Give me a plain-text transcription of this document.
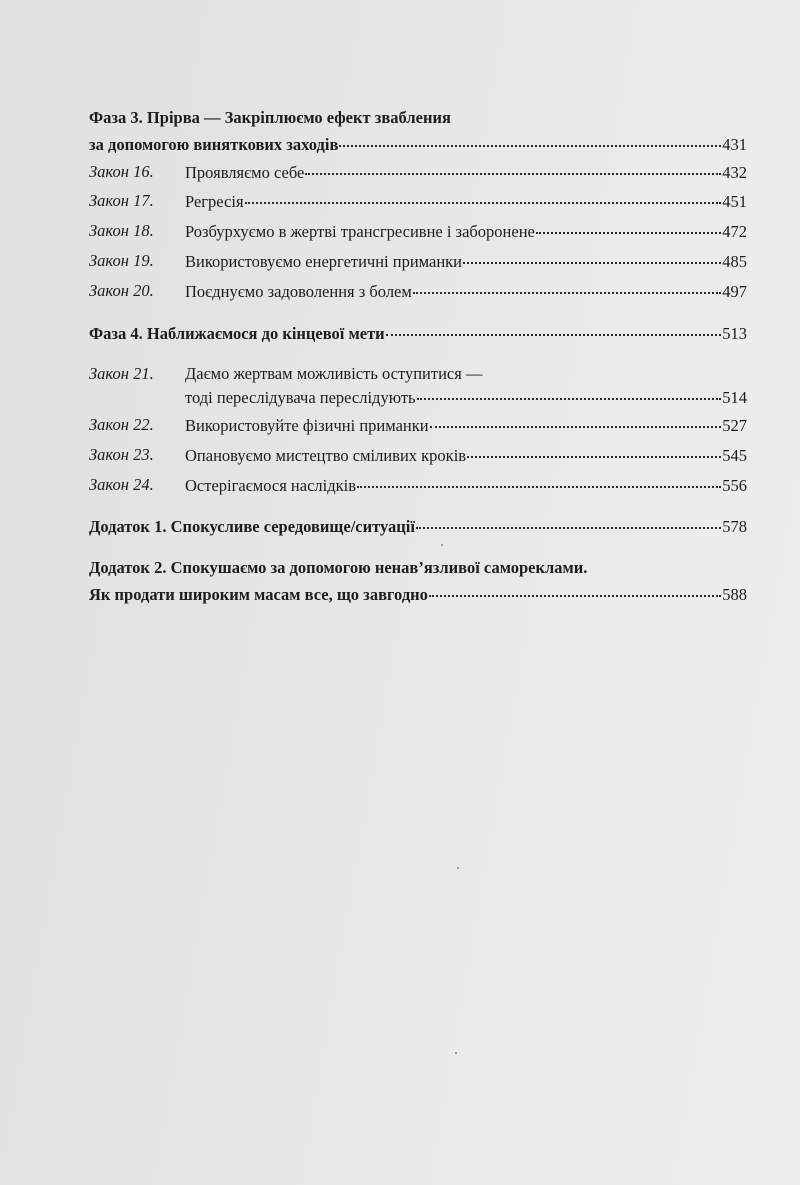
Фаза 3. Прірва — Закріплюємо ефект звабления
за допомогою виняткових заходів	431
Закон 16.	Проявляємо себе	432
Закон 17.	Регресія	451
Закон 18.	Розбурхуємо в жертві трансгресивне і заборонене	472
Закон 19.	Використовуємо енергетичні приманки	485
Закон 20.	Поєднуємо задоволення з болем	497
Фаза 4. Наближаємося до кінцевої мети	513
Закон 21.	Даємо жертвам можливість оступитися —
тоді переслідувача переслідують	514
Закон 22.	Використовуйте фізичні приманки	527
Закон 23.	Опановуємо мистецтво сміливих кроків	545
Закон 24.	Остерігаємося наслідків	556
Додаток 1. Спокусливе середовище/ситуації	578
Додаток 2. Спокушаємо за допомогою ненав’язливої самореклами.
Як продати широким масам все, що завгодно	588
